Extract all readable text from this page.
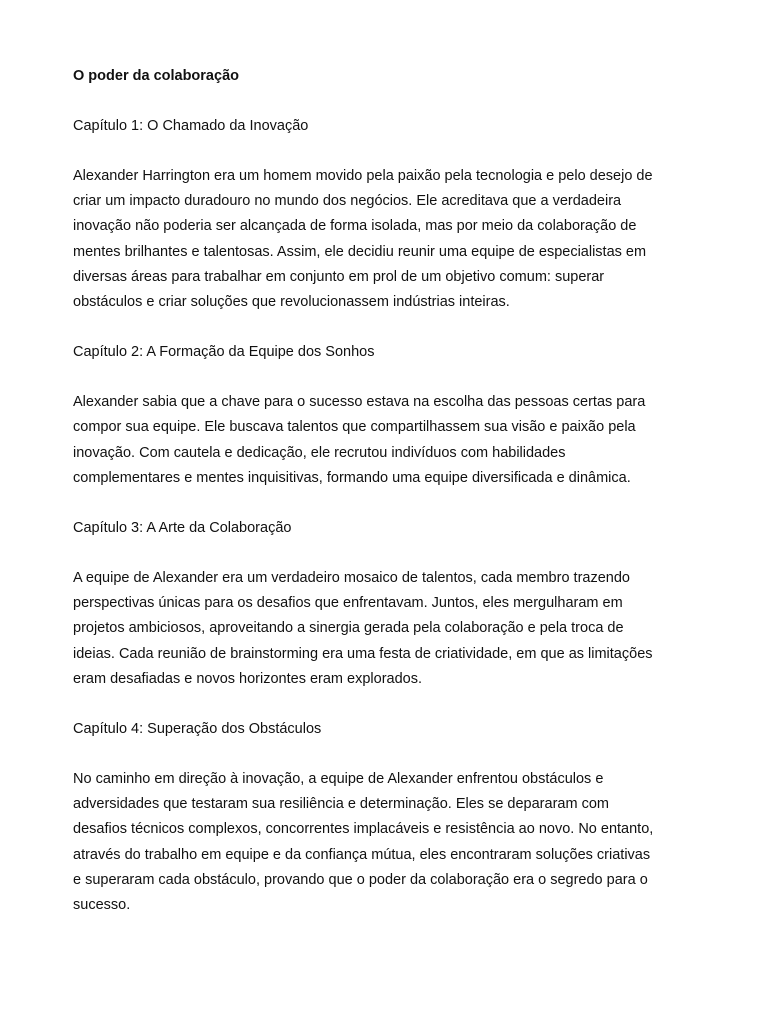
O poder da colaboração
Capítulo 1: O Chamado da Inovação
Alexander Harrington era um homem movido pela paixão pela tecnologia e pelo desejo de
criar um impacto duradouro no mundo dos negócios. Ele acreditava que a verdadeira
inovação não poderia ser alcançada de forma isolada, mas por meio da colaboração de
mentes brilhantes e talentosas. Assim, ele decidiu reunir uma equipe de especialistas em
diversas áreas para trabalhar em conjunto em prol de um objetivo comum: superar
obstáculos e criar soluções que revolucionassem indústrias inteiras.
Capítulo 2: A Formação da Equipe dos Sonhos
Alexander sabia que a chave para o sucesso estava na escolha das pessoas certas para
compor sua equipe. Ele buscava talentos que compartilhassem sua visão e paixão pela
inovação. Com cautela e dedicação, ele recrutou indivíduos com habilidades
complementares e mentes inquisitivas, formando uma equipe diversificada e dinâmica.
Capítulo 3: A Arte da Colaboração
A equipe de Alexander era um verdadeiro mosaico de talentos, cada membro trazendo
perspectivas únicas para os desafios que enfrentavam. Juntos, eles mergulharam em
projetos ambiciosos, aproveitando a sinergia gerada pela colaboração e pela troca de
ideias. Cada reunião de brainstorming era uma festa de criatividade, em que as limitações
eram desafiadas e novos horizontes eram explorados.
Capítulo 4: Superação dos Obstáculos
No caminho em direção à inovação, a equipe de Alexander enfrentou obstáculos e
adversidades que testaram sua resiliência e determinação. Eles se depararam com
desafios técnicos complexos, concorrentes implacáveis e resistência ao novo. No entanto,
através do trabalho em equipe e da confiança mútua, eles encontraram soluções criativas
e superaram cada obstáculo, provando que o poder da colaboração era o segredo para o
sucesso.
